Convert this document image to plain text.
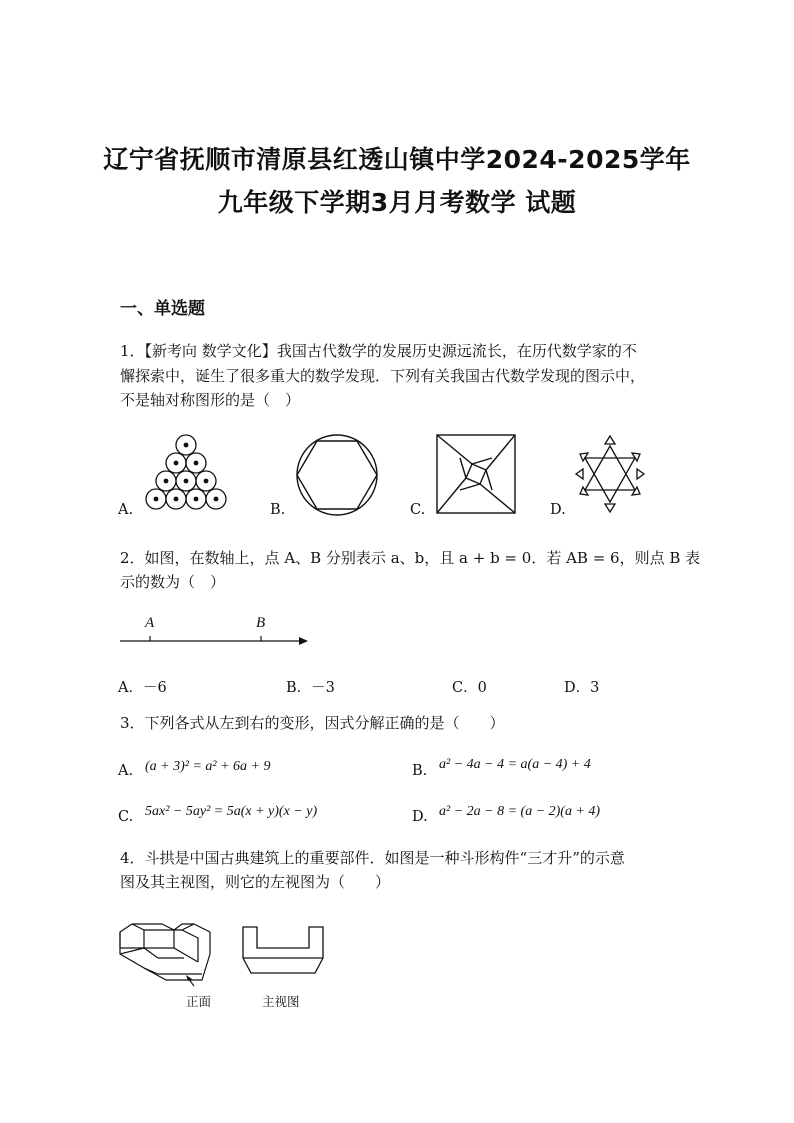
辽宁省抚顺市清原县红透山镇中学2024-2025学年
九年级下学期3月月考数学 试题
一、单选题
1．【新考向 数学文化】我国古代数学的发展历史源远流长，在历代数学家的不
懈探索中，诞生了很多重大的数学发现．下列有关我国古代数学发现的图示中，
不是轴对称图形的是（　）
A.	B.	C.	D.
2．如图，在数轴上，点 A、B 分别表示 a、b，且 a + b = 0．若 AB = 6，则点 B 表
示的数为（　）
A	B
A．－6	B．－3	C．0	D．3
3．下列各式从左到右的变形，因式分解正确的是（　　）
A. (a + 3)² = a² + 6a + 9	B. a² − 4a − 4 = a(a − 4) + 4
C. 5ax² − 5ay² = 5a(x + y)(x − y)	D. a² − 2a − 8 = (a − 2)(a + 4)
4．斗拱是中国古典建筑上的重要部件．如图是一种斗形构件“三才升”的示意
图及其主视图，则它的左视图为（　　）
正面	主视图
